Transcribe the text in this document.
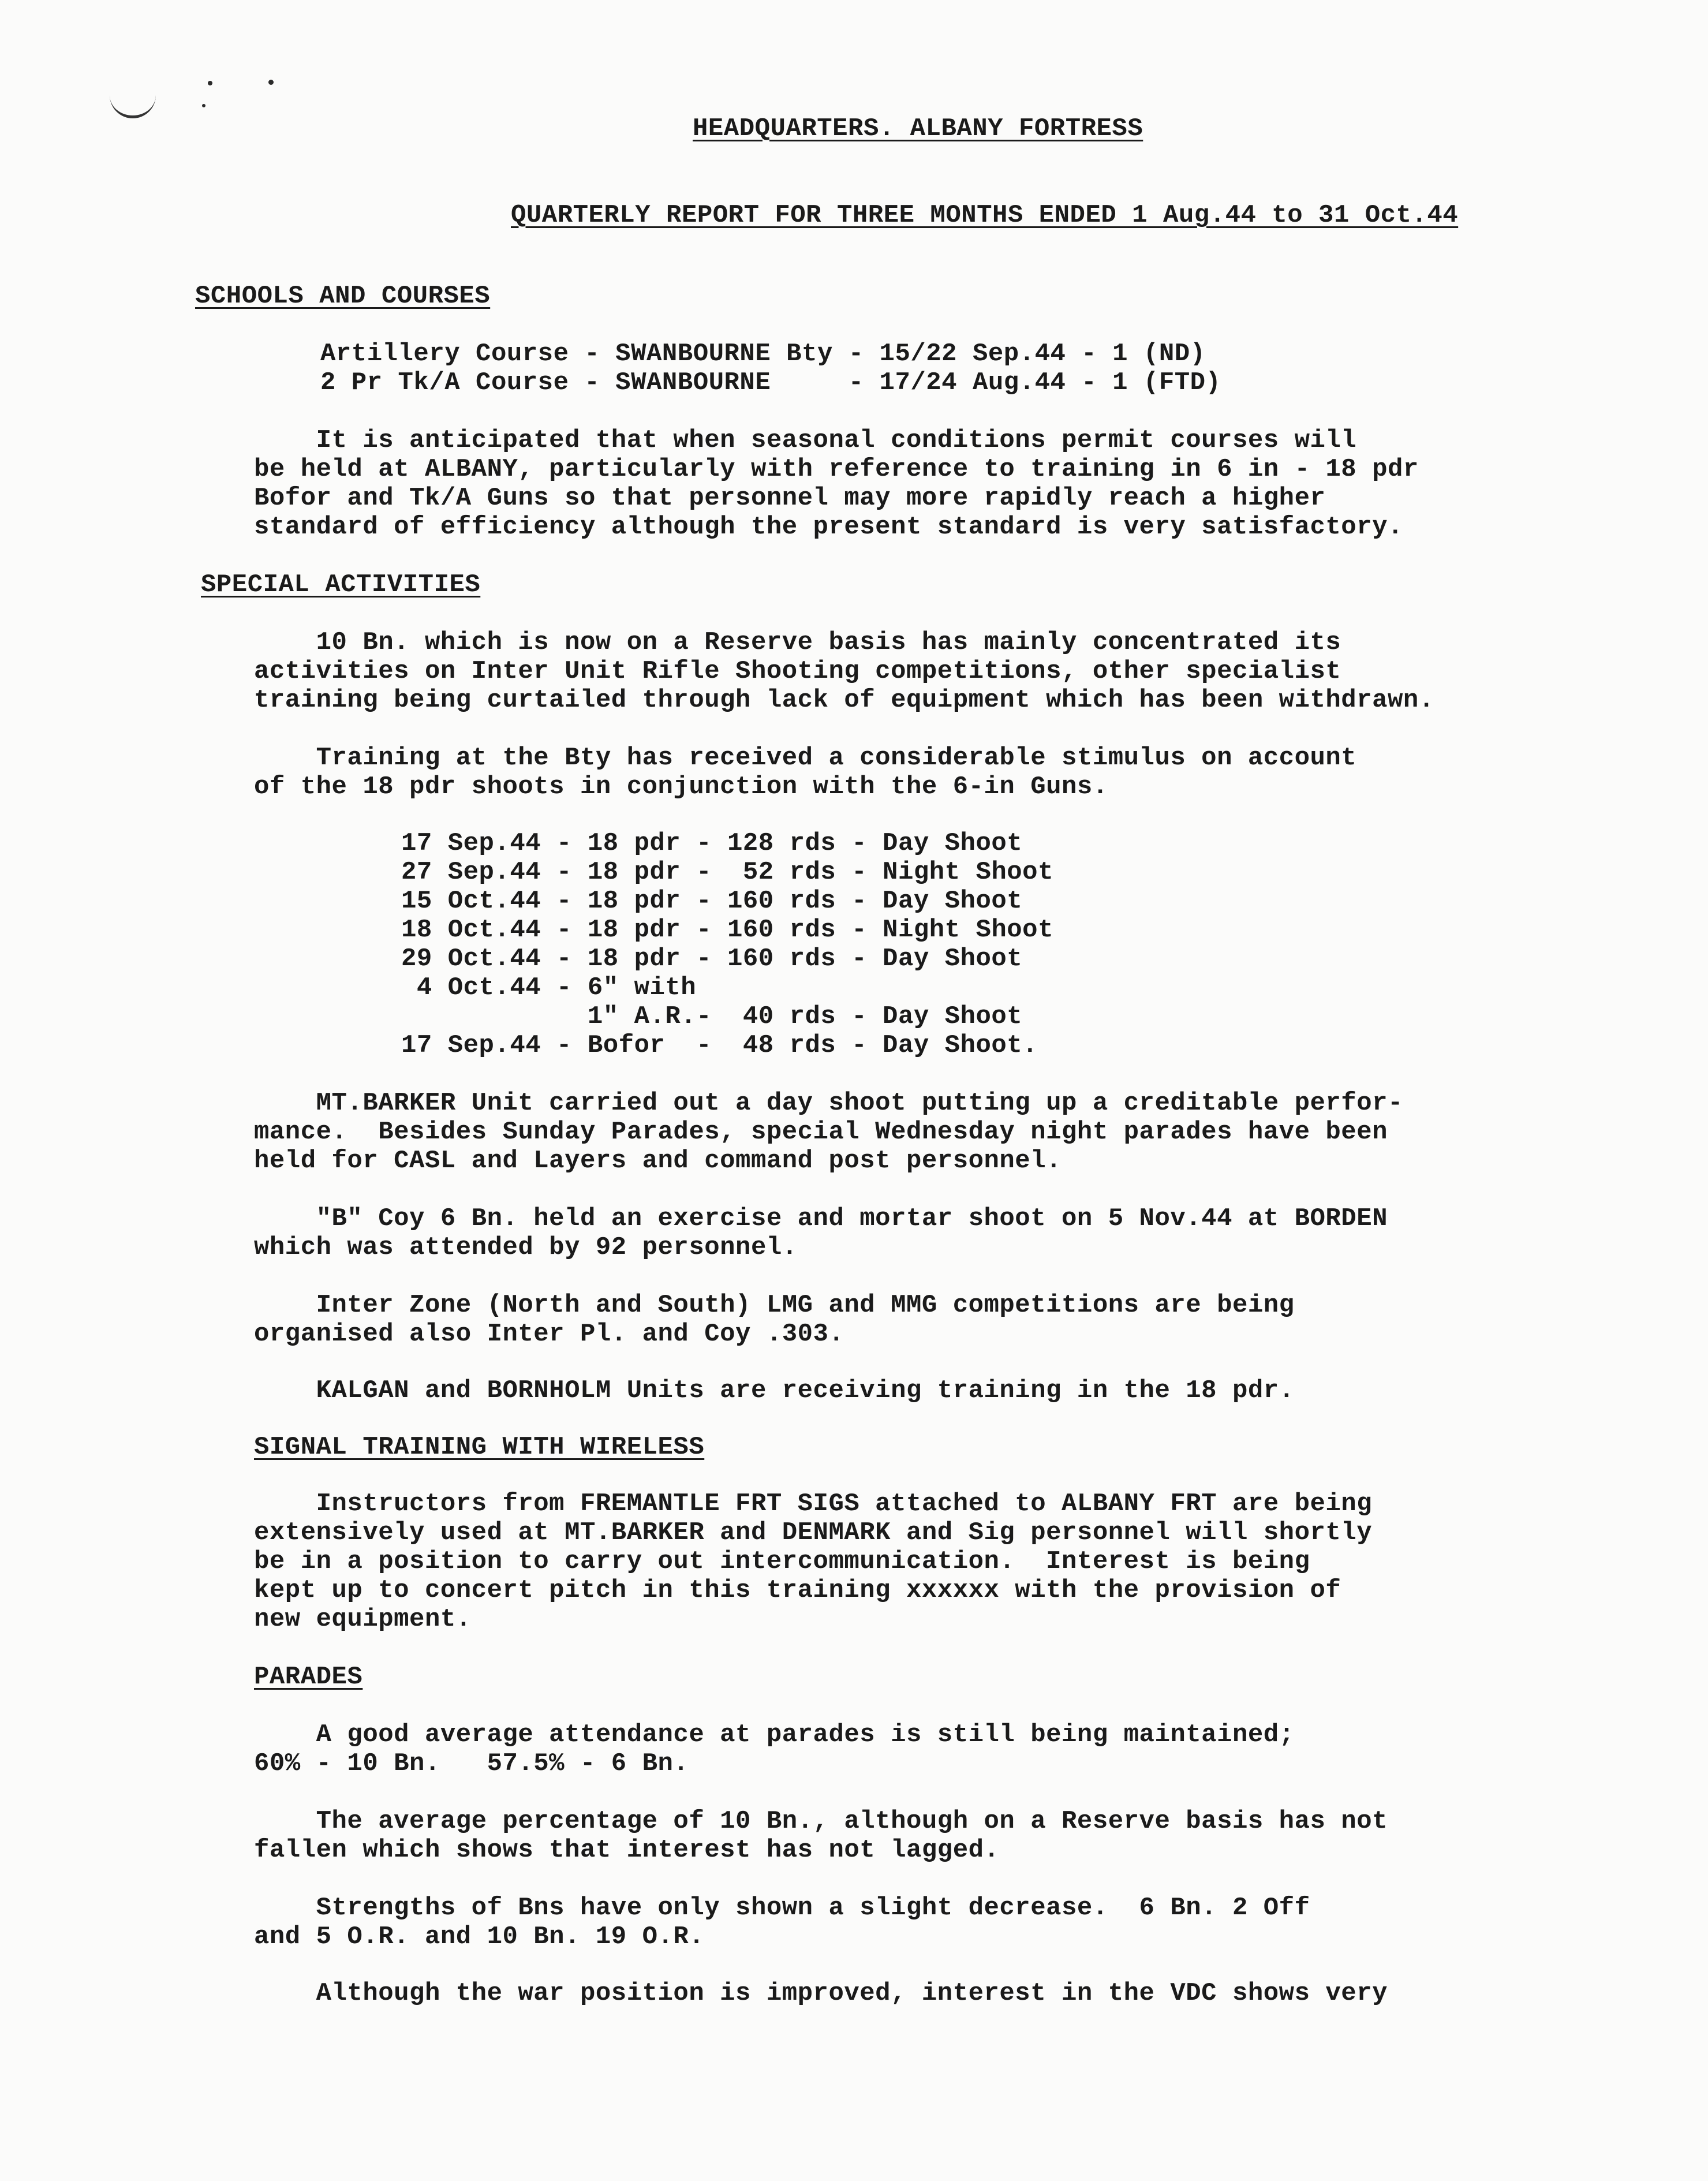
HEADQUARTERS. ALBANY FORTRESS
QUARTERLY REPORT FOR THREE MONTHS ENDED 1 Aug.44 to 31 Oct.44
SCHOOLS AND COURSES
Artillery Course - SWANBOURNE Bty - 15/22 Sep.44 - 1 (ND)
2 Pr Tk/A Course - SWANBOURNE     - 17/24 Aug.44 - 1 (FTD)
It is anticipated that when seasonal conditions permit courses will
be held at ALBANY, particularly with reference to training in 6 in - 18 pdr
Bofor and Tk/A Guns so that personnel may more rapidly reach a higher
standard of efficiency although the present standard is very satisfactory.
SPECIAL ACTIVITIES
10 Bn. which is now on a Reserve basis has mainly concentrated its
activities on Inter Unit Rifle Shooting competitions, other specialist
training being curtailed through lack of equipment which has been withdrawn.
Training at the Bty has received a considerable stimulus on account
of the 18 pdr shoots in conjunction with the 6-in Guns.
17 Sep.44 - 18 pdr - 128 rds - Day Shoot
27 Sep.44 - 18 pdr -  52 rds - Night Shoot
15 Oct.44 - 18 pdr - 160 rds - Day Shoot
18 Oct.44 - 18 pdr - 160 rds - Night Shoot
29 Oct.44 - 18 pdr - 160 rds - Day Shoot
4 Oct.44 - 6" with
1" A.R.-  40 rds - Day Shoot
17 Sep.44 - Bofor  -  48 rds - Day Shoot.
MT.BARKER Unit carried out a day shoot putting up a creditable perfor-
mance.  Besides Sunday Parades, special Wednesday night parades have been
held for CASL and Layers and command post personnel.
"B" Coy 6 Bn. held an exercise and mortar shoot on 5 Nov.44 at BORDEN
which was attended by 92 personnel.
Inter Zone (North and South) LMG and MMG competitions are being
organised also Inter Pl. and Coy .303.
KALGAN and BORNHOLM Units are receiving training in the 18 pdr.
SIGNAL TRAINING WITH WIRELESS
Instructors from FREMANTLE FRT SIGS attached to ALBANY FRT are being
extensively used at MT.BARKER and DENMARK and Sig personnel will shortly
be in a position to carry out intercommunication.  Interest is being
kept up to concert pitch in this training xxxxxx with the provision of
new equipment.
PARADES
A good average attendance at parades is still being maintained;
60% - 10 Bn.   57.5% - 6 Bn.
The average percentage of 10 Bn., although on a Reserve basis has not
fallen which shows that interest has not lagged.
Strengths of Bns have only shown a slight decrease.  6 Bn. 2 Off
and 5 O.R. and 10 Bn. 19 O.R.
Although the war position is improved, interest in the VDC shows very
